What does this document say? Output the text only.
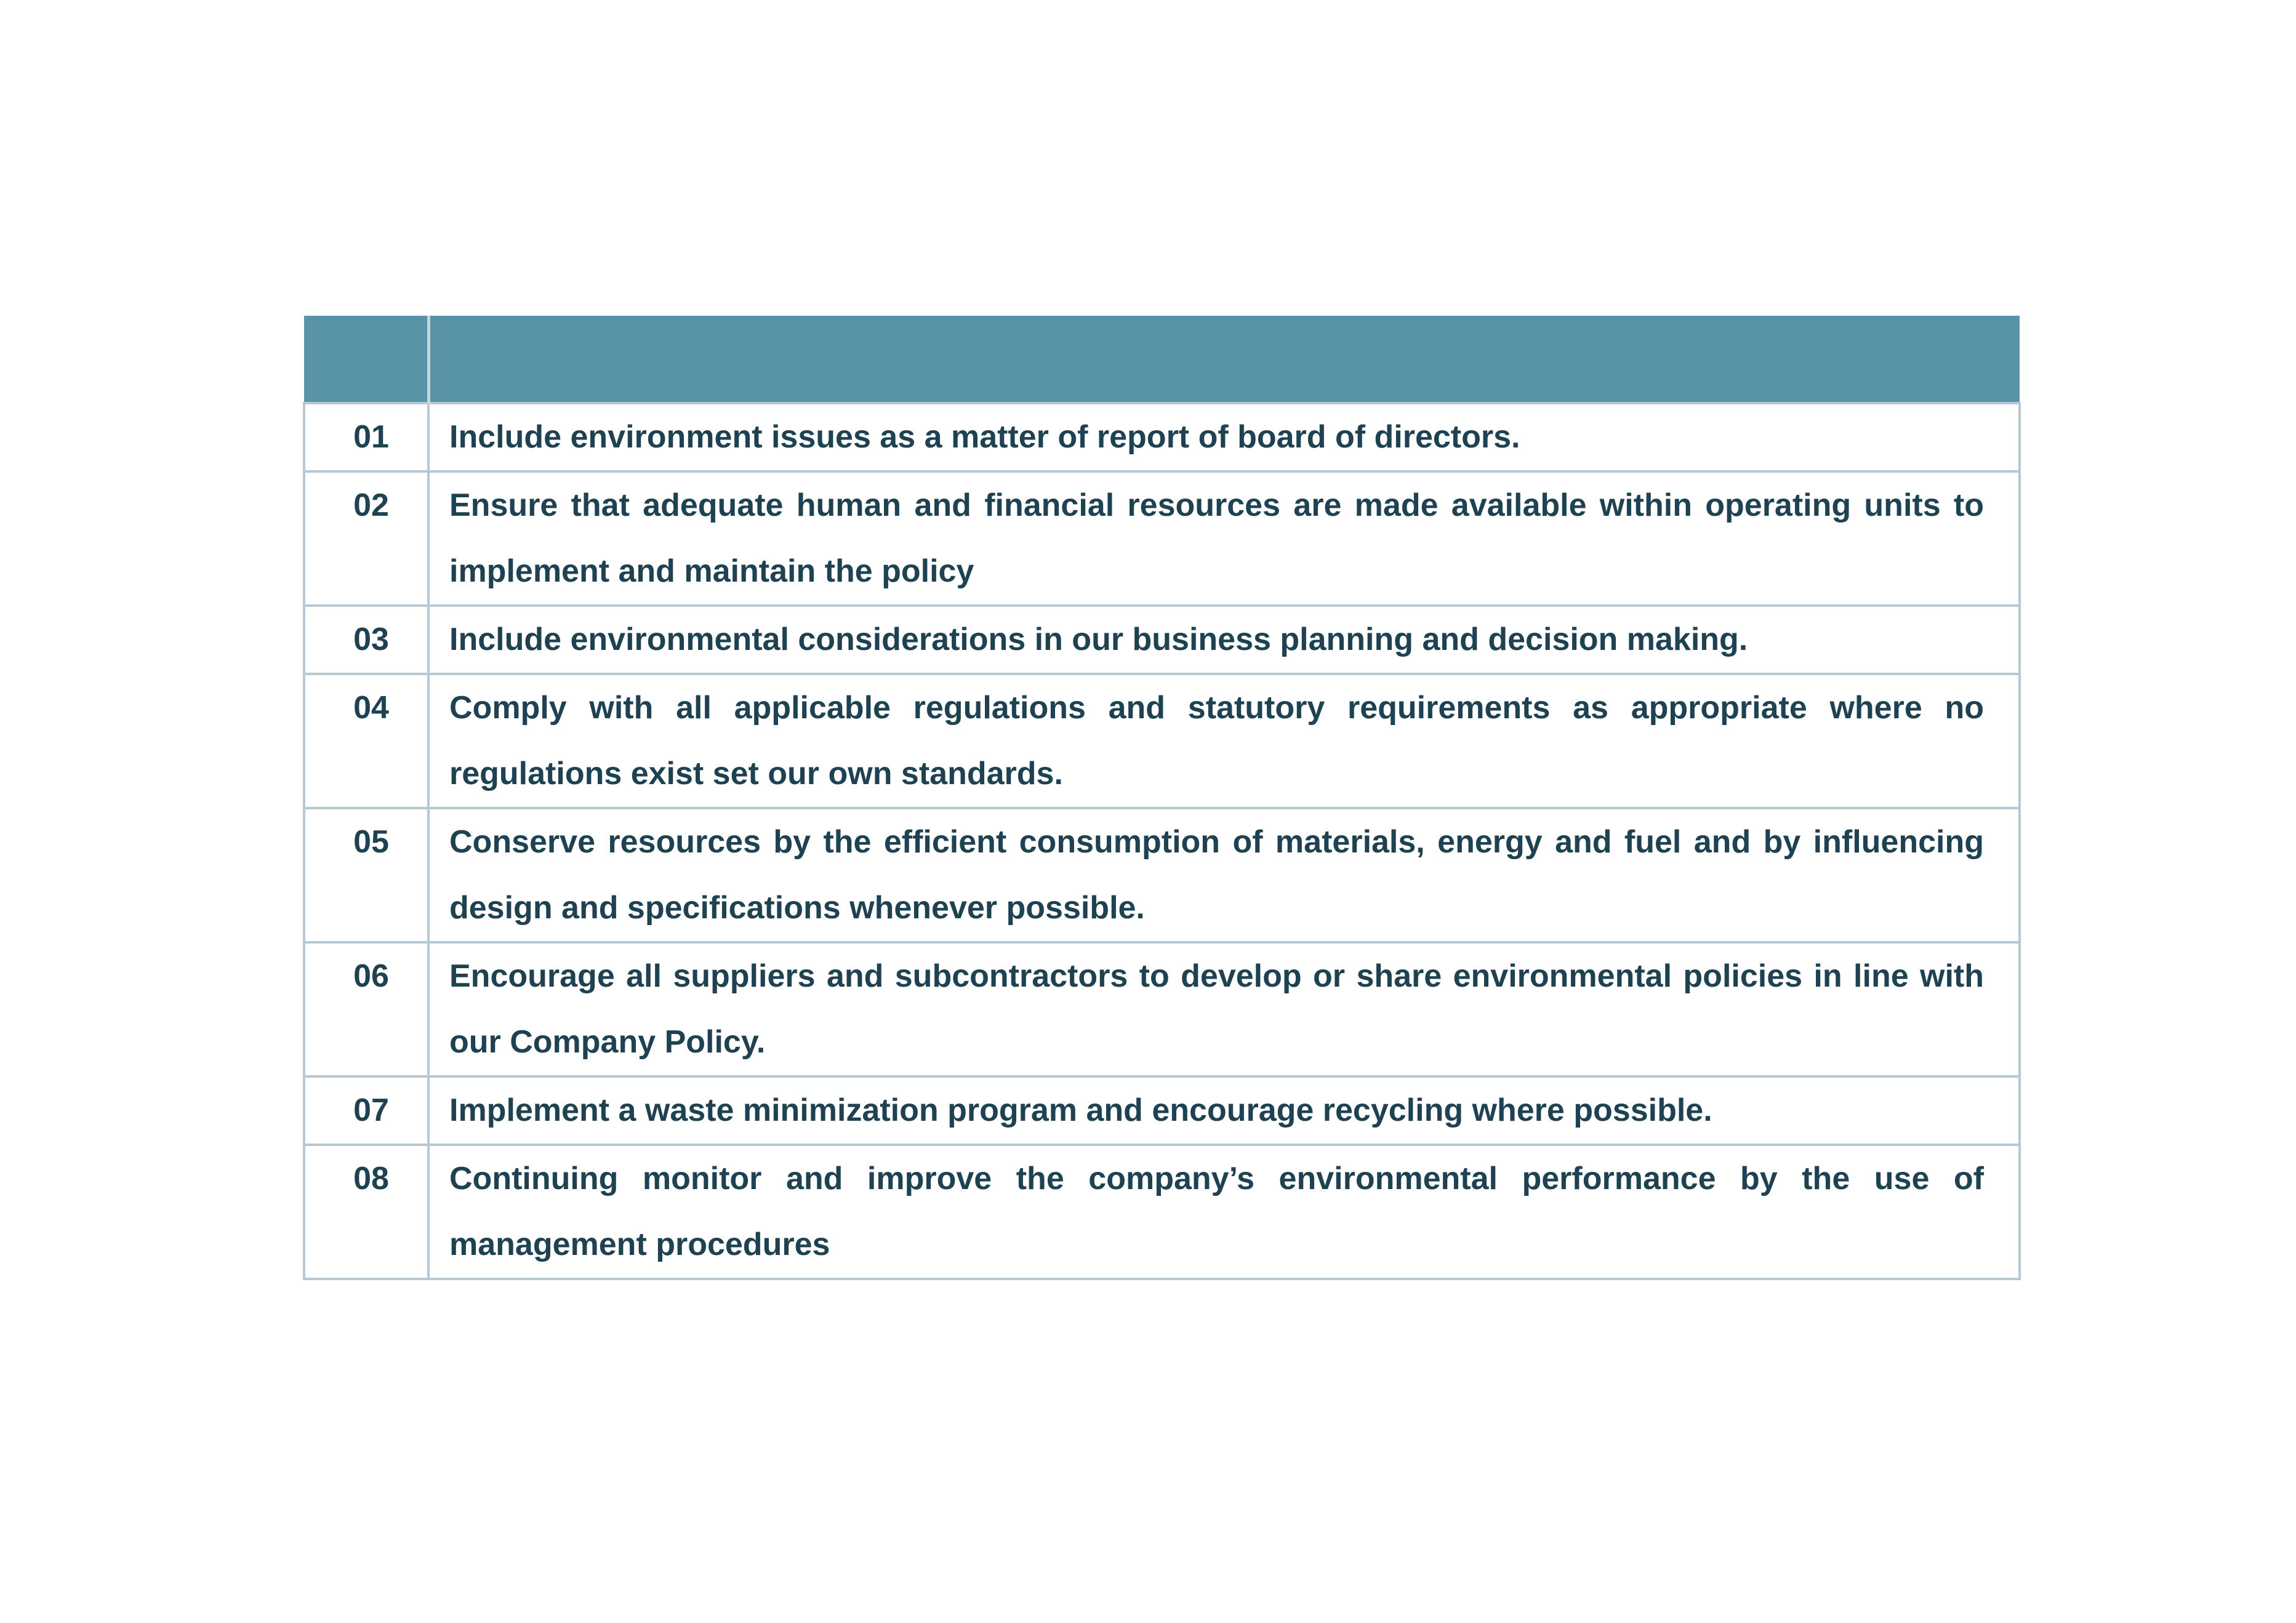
01	Include environment issues as a matter of report of board of directors.
02	Ensure that adequate human and financial resources are made available within operating units to implement and maintain the policy
03	Include environmental considerations in our business planning and decision making.
04	Comply with all applicable regulations and statutory requirements as appropriate where no regulations exist set our own standards.
05	Conserve resources by the efficient consumption of materials, energy and fuel and by influencing design and specifications whenever possible.
06	Encourage all suppliers and subcontractors to develop or share environmental policies in line with our Company Policy.
07	Implement a waste minimization program and encourage recycling where possible.
08	Continuing monitor and improve the company’s environmental performance by the use of management procedures
